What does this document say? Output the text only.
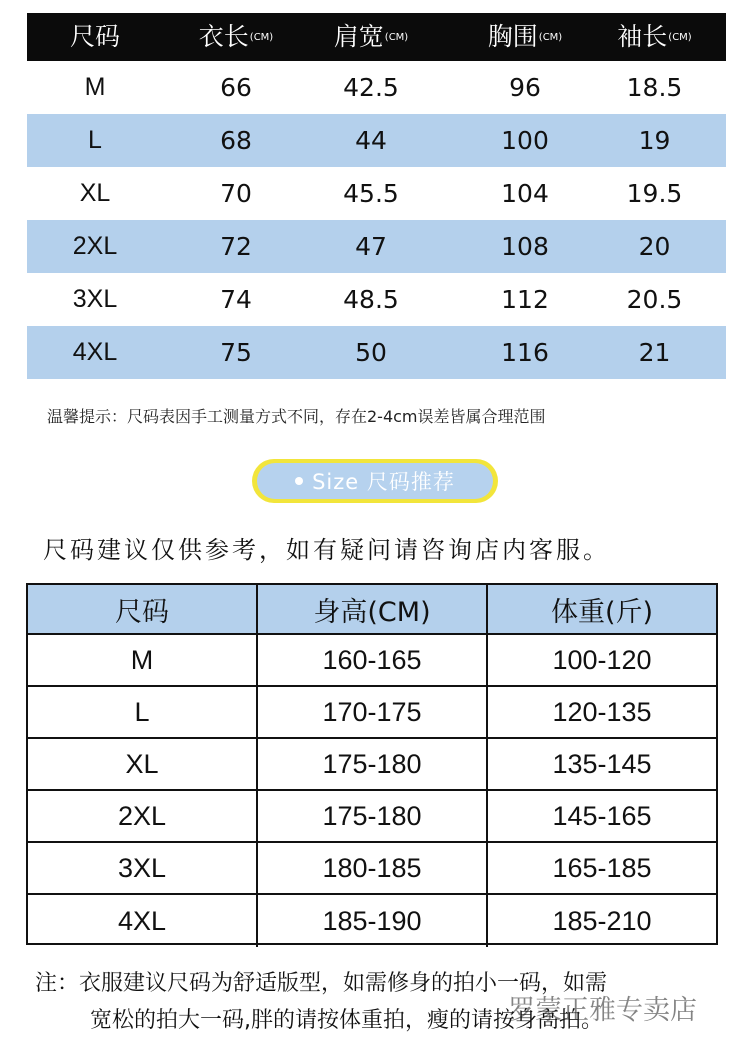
尺码	衣长(CM)	肩宽(CM)	胸围(CM)	袖长(CM)
M	66	42.5	96	18.5
L	68	44	100	19
XL	70	45.5	104	19.5
2XL	72	47	108	20
3XL	74	48.5	112	20.5
4XL	75	50	116	21
温馨提示：尺码表因手工测量方式不同，存在2-4cm误差皆属合理范围
Size 尺码推荐
尺码建议仅供参考，如有疑问请咨询店内客服。
尺码	身高(CM)	体重(斤)
M	160-165	100-120
L	170-175	120-135
XL	175-180	135-145
2XL	175-180	145-165
3XL	180-185	165-185
4XL	185-190	185-210
注：衣服建议尺码为舒适版型，如需修身的拍小一码，如需
宽松的拍大一码,胖的请按体重拍，瘦的请按身高拍。
罗蒙正雅专卖店
